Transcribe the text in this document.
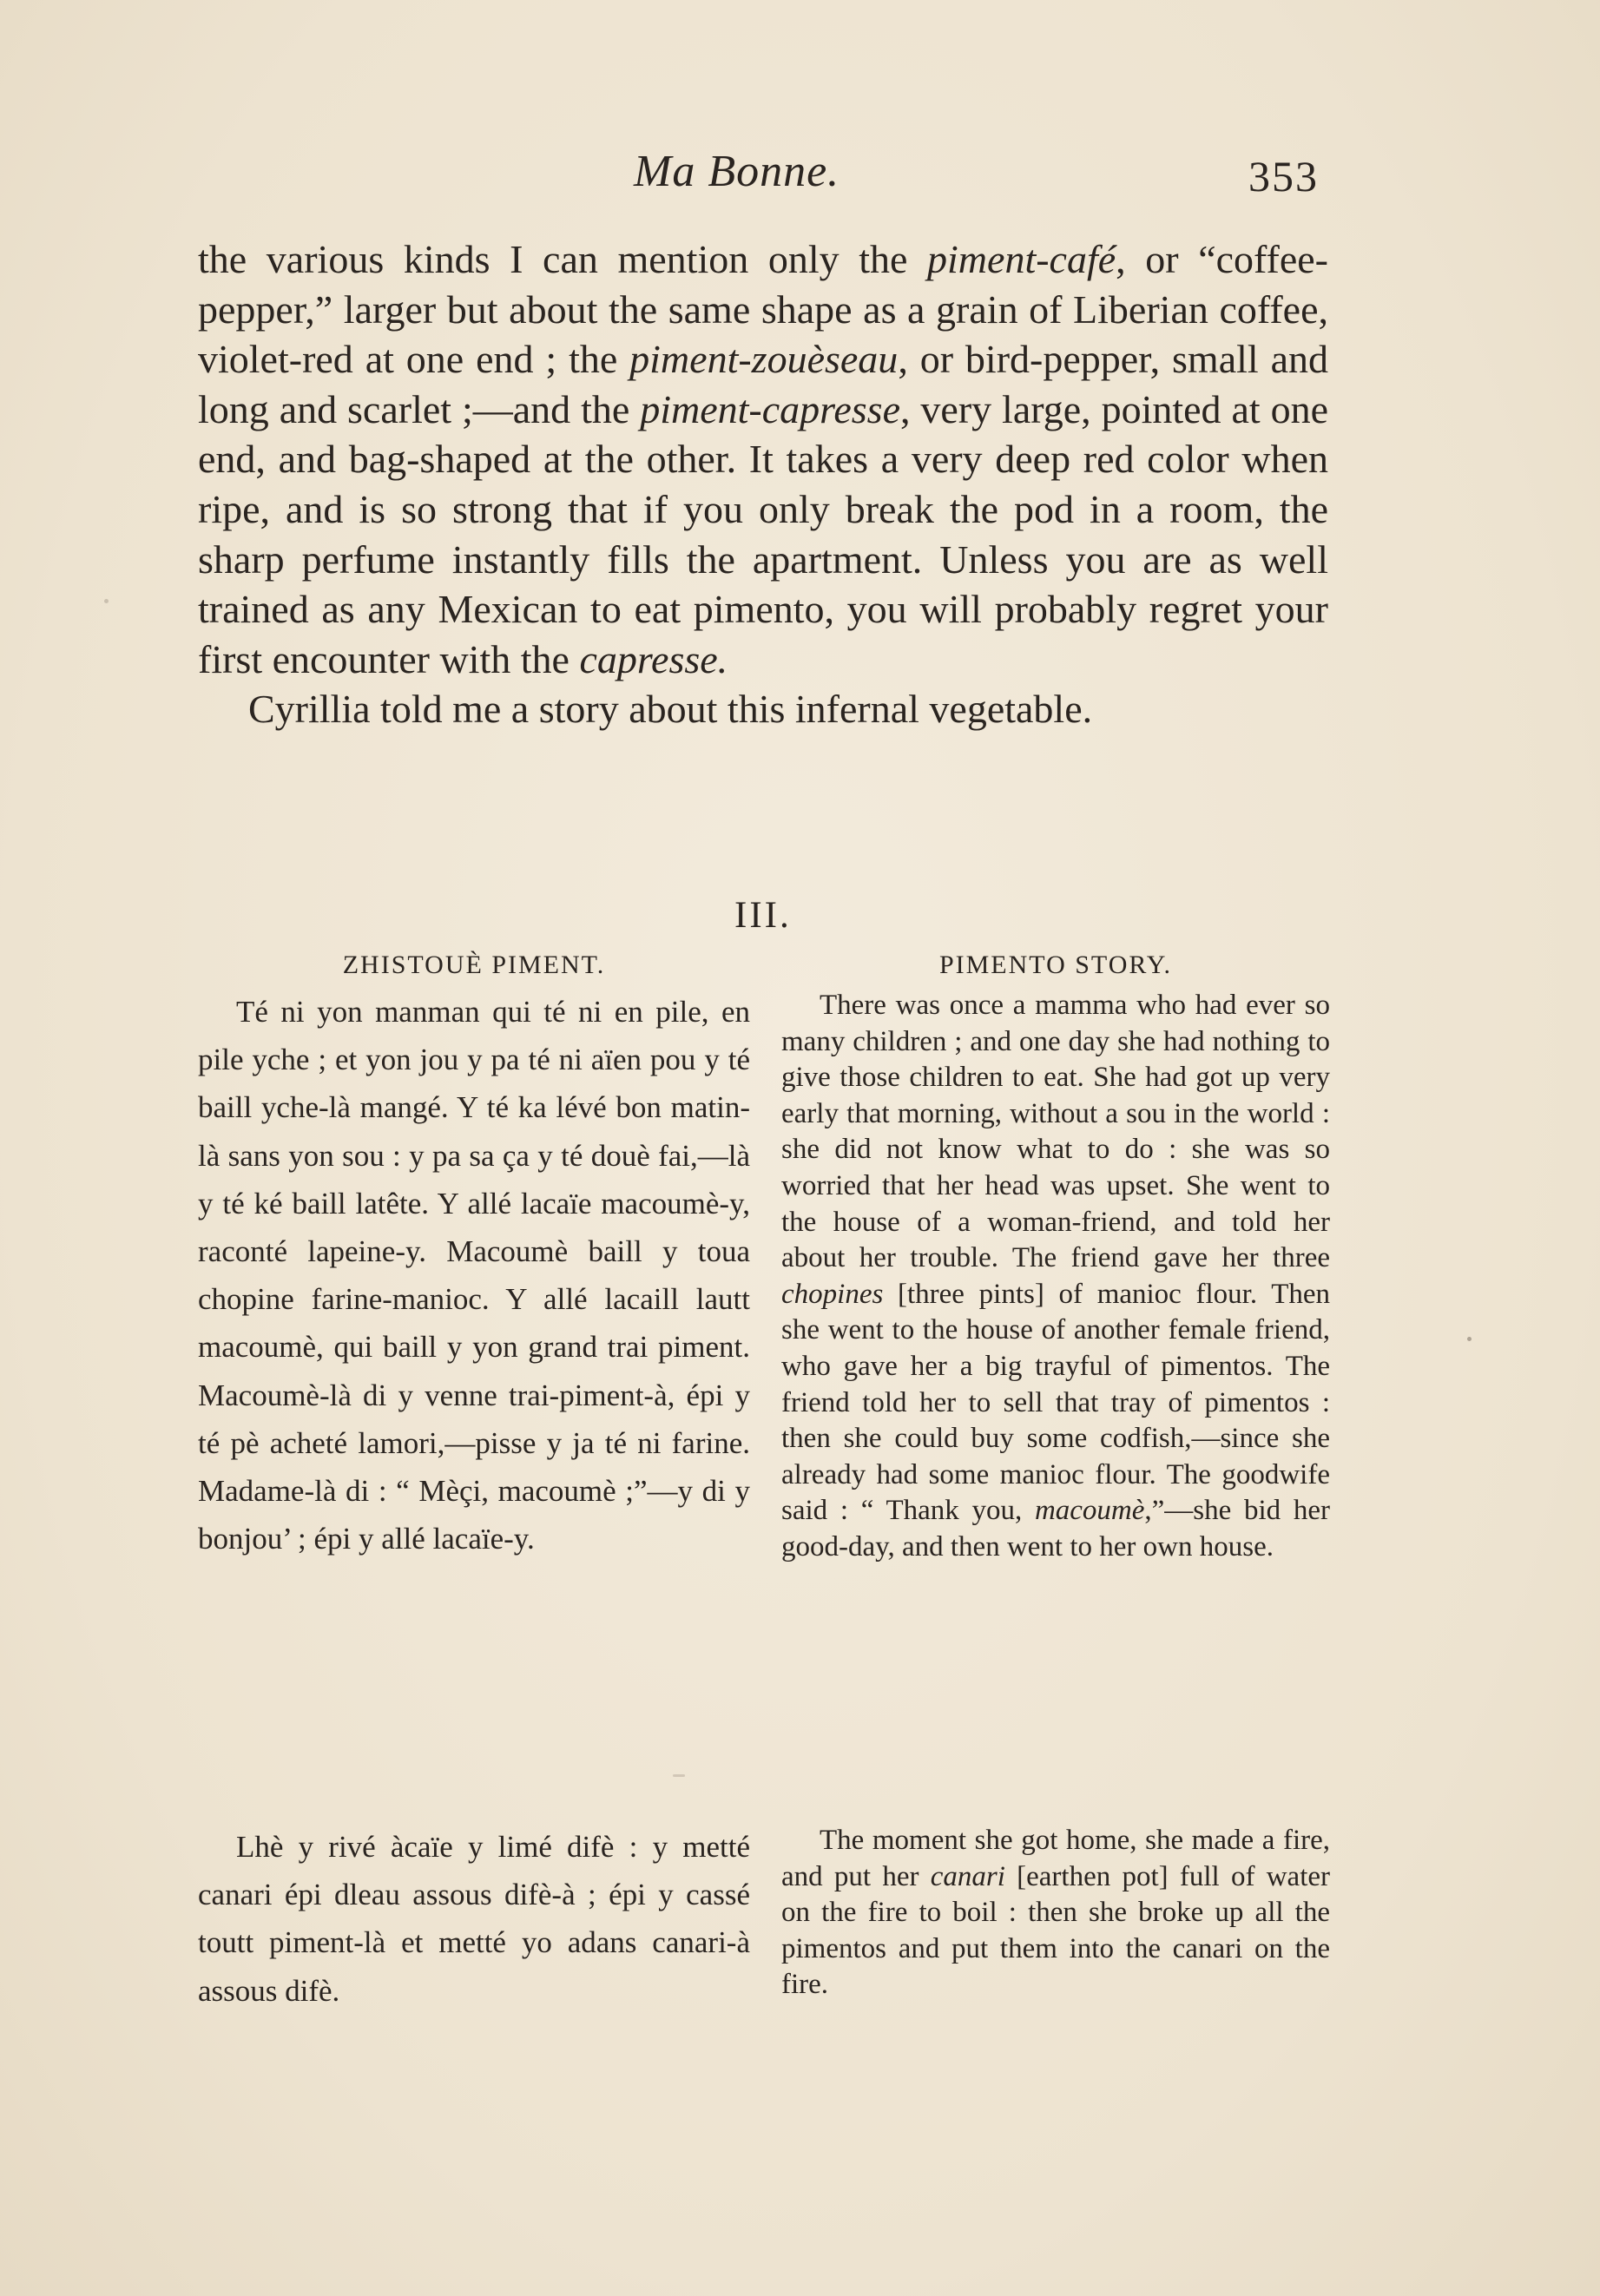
Ma Bonne.	353

the various kinds I can mention only the piment-café, or “coffee-pepper,” larger but about the same shape as a grain of Liberian coffee, violet-red at one end ; the piment-zouèseau, or bird-pepper, small and long and scarlet ;—and the piment-capresse, very large, pointed at one end, and bag-shaped at the other. It takes a very deep red color when ripe, and is so strong that if you only break the pod in a room, the sharp perfume instantly fills the apartment. Unless you are as well trained as any Mexican to eat pimento, you will probably regret your first encounter with the capresse.

Cyrillia told me a story about this infernal vegetable.

III.
ZHISTOUÈ PIMENT.

Té ni yon manman qui té ni en pile, en pile yche ; et yon jou y pa té ni aïen pou y té baill yche-là mangé. Y té ka lévé bon matin-là sans yon sou : y pa sa ça y té douè fai,—là y té ké baill latête. Y allé lacaïe macoumè-y, raconté lapeine-y. Macoumè baill y toua chopine farine-manioc. Y allé lacaill lautt macoumè, qui baill y yon grand trai piment. Macoumè-là di y venne trai-piment-à, épi y té pè acheté lamori,—pisse y ja té ni farine. Madame-là di : “ Mèçi, macoumè ;”—y di y bonjou’ ; épi y allé lacaïe-y.

PIMENTO STORY.

There was once a mamma who had ever so many children ; and one day she had nothing to give those children to eat. She had got up very early that morning, without a sou in the world : she did not know what to do : she was so worried that her head was upset. She went to the house of a woman-friend, and told her about her trouble. The friend gave her three chopines [three pints] of manioc flour. Then she went to the house of another female friend, who gave her a big trayful of pimentos. The friend told her to sell that tray of pimentos : then she could buy some codfish,—since she already had some manioc flour. The goodwife said : “ Thank you, macoumè,”—she bid her good-day, and then went to her own house.

Lhè y rivé àcaïe y limé difè : y metté canari épi dleau assous difè-à ; épi y cassé toutt piment-là et metté yo adans canari-à assous difè.

The moment she got home, she made a fire, and put her canari [earthen pot] full of water on the fire to boil : then she broke up all the pimentos and put them into the canari on the fire.
